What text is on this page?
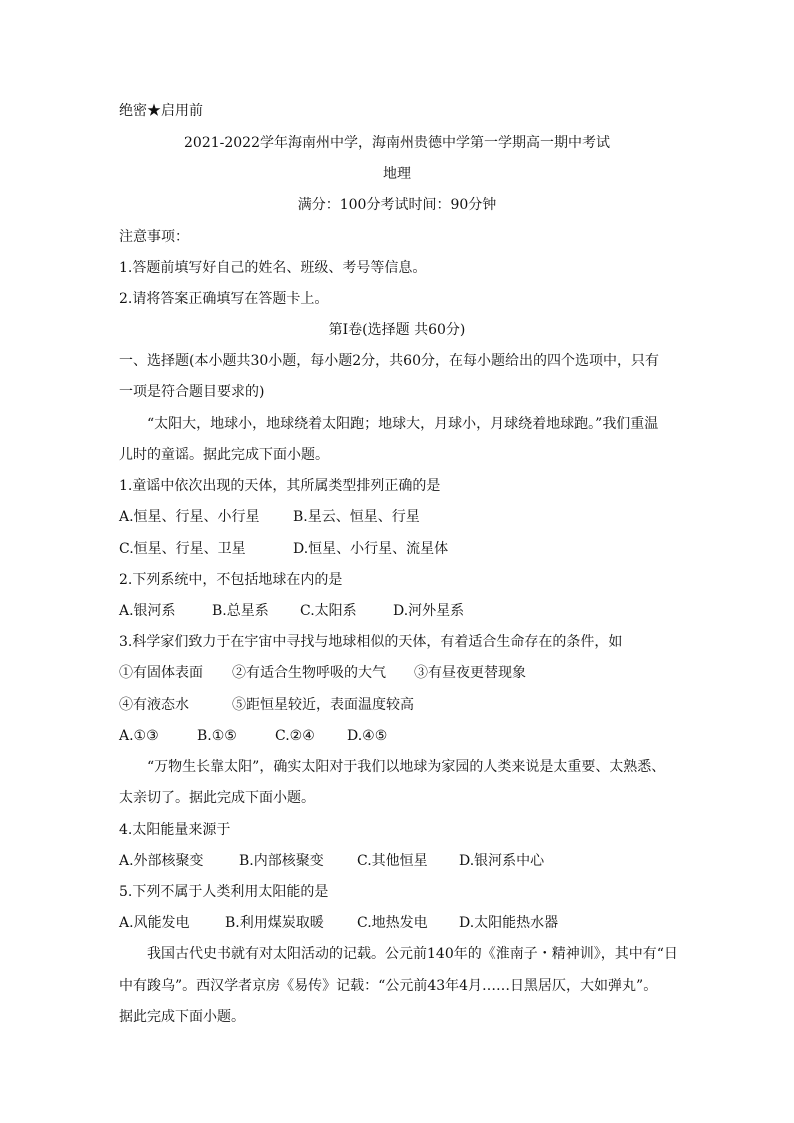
绝密★启用前
2021-2022学年海南州中学，海南州贵德中学第一学期高一期中考试
地理
满分：100分考试时间：90分钟
注意事项：
1.答题前填写好自己的姓名、班级、考号等信息。
2.请将答案正确填写在答题卡上。
第I卷(选择题 共60分)
一、选择题(本小题共30小题，每小题2分，共60分，在每小题给出的四个选项中，只有
一项是符合题目要求的)
“太阳大，地球小，地球绕着太阳跑；地球大，月球小，月球绕着地球跑。”我们重温
儿时的童谣。据此完成下面小题。
1.童谣中依次出现的天体，其所属类型排列正确的是
A.恒星、行星、小行星 B.星云、恒星、行星
C.恒星、行星、卫星	D.恒星、小行星、流星体
2.下列系统中，不包括地球在内的是
A.银河系	B.总星系 C.太阳系	D.河外星系
3.科学家们致力于在宇宙中寻找与地球相似的天体，有着适合生命存在的条件，如
①有固体表面 ②有适合生物呼吸的大气 ③有昼夜更替现象
④有液态水	⑤距恒星较近，表面温度较高
A.①③	B.①⑤	C.②④ D.④⑤
“万物生长靠太阳”，确实太阳对于我们以地球为家园的人类来说是太重要、太熟悉、
太亲切了。据此完成下面小题。
4.太阳能量来源于
A.外部核聚变	B.内部核聚变 C.其他恒星 D.银河系中心
5.下列不属于人类利用太阳能的是
A.风能发电	B.利用煤炭取暖 C.地热发电 D.太阳能热水器
我国古代史书就有对太阳活动的记载。公元前140年的《淮南子・精神训》，其中有“日
中有踆乌”。西汉学者京房《易传》记载：“公元前43年4月……日黑居仄，大如弹丸”。
据此完成下面小题。
